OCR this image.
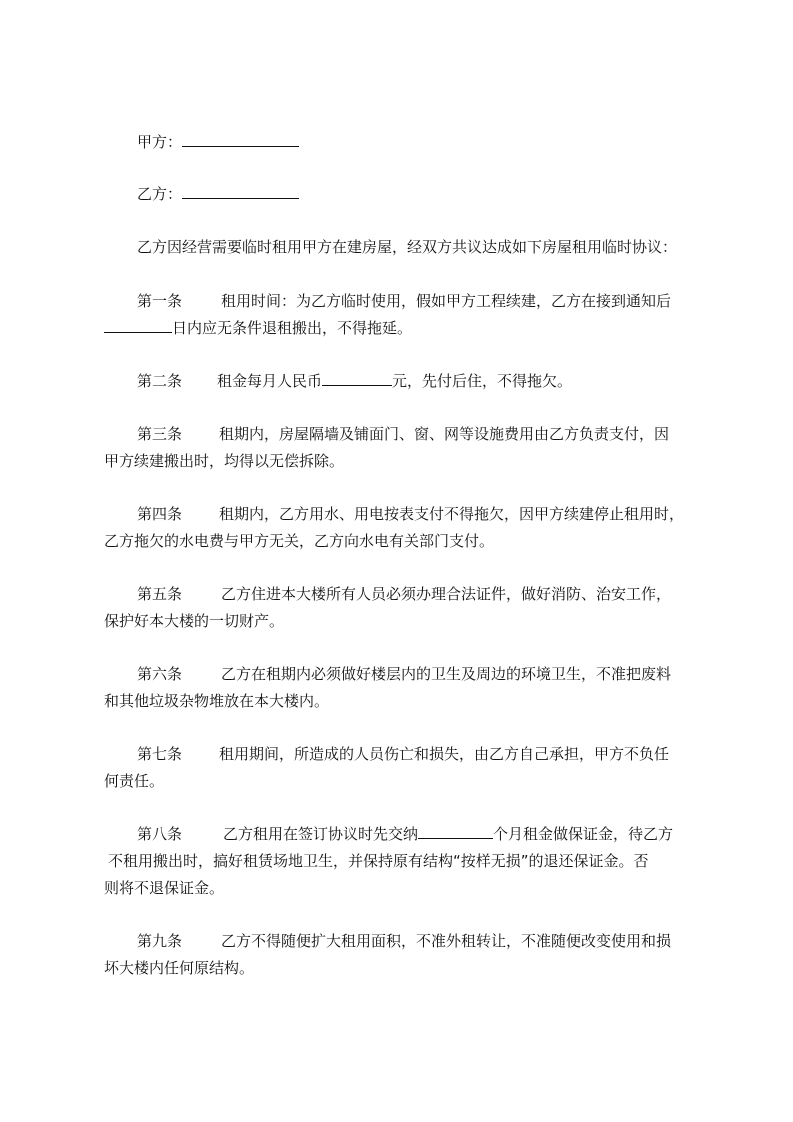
甲方：
乙方：
乙方因经营需要临时租用甲方在建房屋，经双方共议达成如下房屋租用临时协议：
第一条	租用时间：为乙方临时使用，假如甲方工程续建，乙方在接到通知后
日内应无条件退租搬出，不得拖延。
第二条 租金每月人民币	元，先付后住，不得拖欠。
第三条 租期内，房屋隔墙及铺面门、窗、网等设施费用由乙方负责支付，因
甲方续建搬出时，均得以无偿拆除。
第四条 租期内，乙方用水、用电按表支付不得拖欠，因甲方续建停止租用时，
乙方拖欠的水电费与甲方无关，乙方向水电有关部门支付。
第五条	乙方住进本大楼所有人员必须办理合法证件，做好消防、治安工作，
保护好本大楼的一切财产。
第六条	乙方在租期内必须做好楼层内的卫生及周边的环境卫生，不准把废料
和其他垃圾杂物堆放在本大楼内。
第七条 租用期间，所造成的人员伤亡和损失，由乙方自己承担，甲方不负任
何责任。
第八条	乙方租用在签订协议时先交纳	个月租金做保证金，待乙方
不租用搬出时，搞好租赁场地卫生，并保持原有结构“按样无损”的退还保证金。否
则将不退保证金。
第九条	乙方不得随便扩大租用面积，不准外租转让，不准随便改变使用和损
坏大楼内任何原结构。
